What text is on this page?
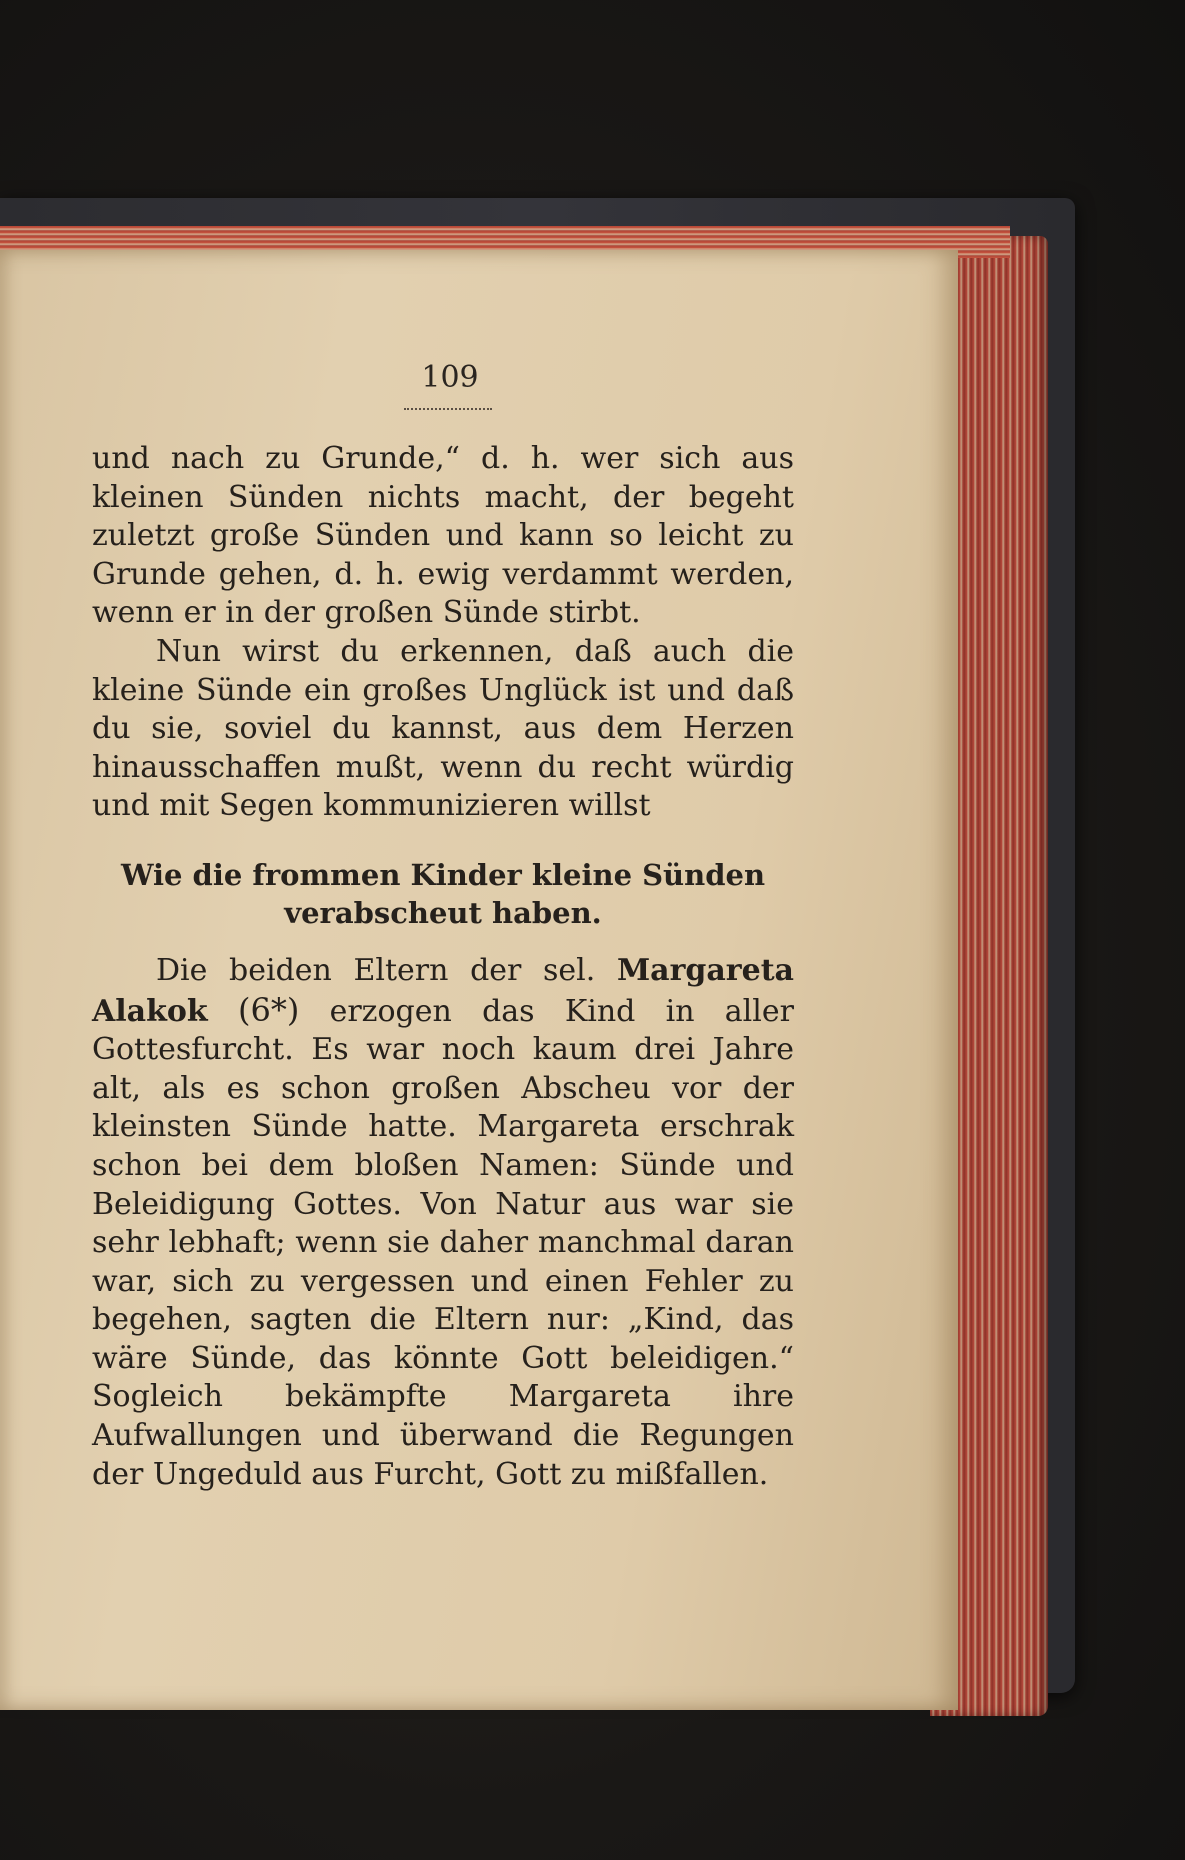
109

und nach zu Grunde,“ d. h. wer sich aus kleinen Sünden nichts macht, der begeht zuletzt große Sünden und kann so leicht zu Grunde gehen, d. h. ewig verdammt werden, wenn er in der großen Sünde stirbt.

Nun wirst du erkennen, daß auch die kleine Sünde ein großes Unglück ist und daß du sie, soviel du kannst, aus dem Herzen hinausschaffen mußt, wenn du recht würdig und mit Segen kommunizieren willst

Wie die frommen Kinder kleine Sünden verabscheut haben.

Die beiden Eltern der sel. Margareta Alakok (6*) erzogen das Kind in aller Gottesfurcht. Es war noch kaum drei Jahre alt, als es schon großen Abscheu vor der kleinsten Sünde hatte. Margareta erschrak schon bei dem bloßen Namen: Sünde und Beleidigung Gottes. Von Natur aus war sie sehr lebhaft; wenn sie daher manchmal daran war, sich zu vergessen und einen Fehler zu begehen, sagten die Eltern nur: „Kind, das wäre Sünde, das könnte Gott beleidigen.“ Sogleich bekämpfte Margareta ihre Aufwallungen und überwand die Regungen der Ungeduld aus Furcht, Gott zu mißfallen.
